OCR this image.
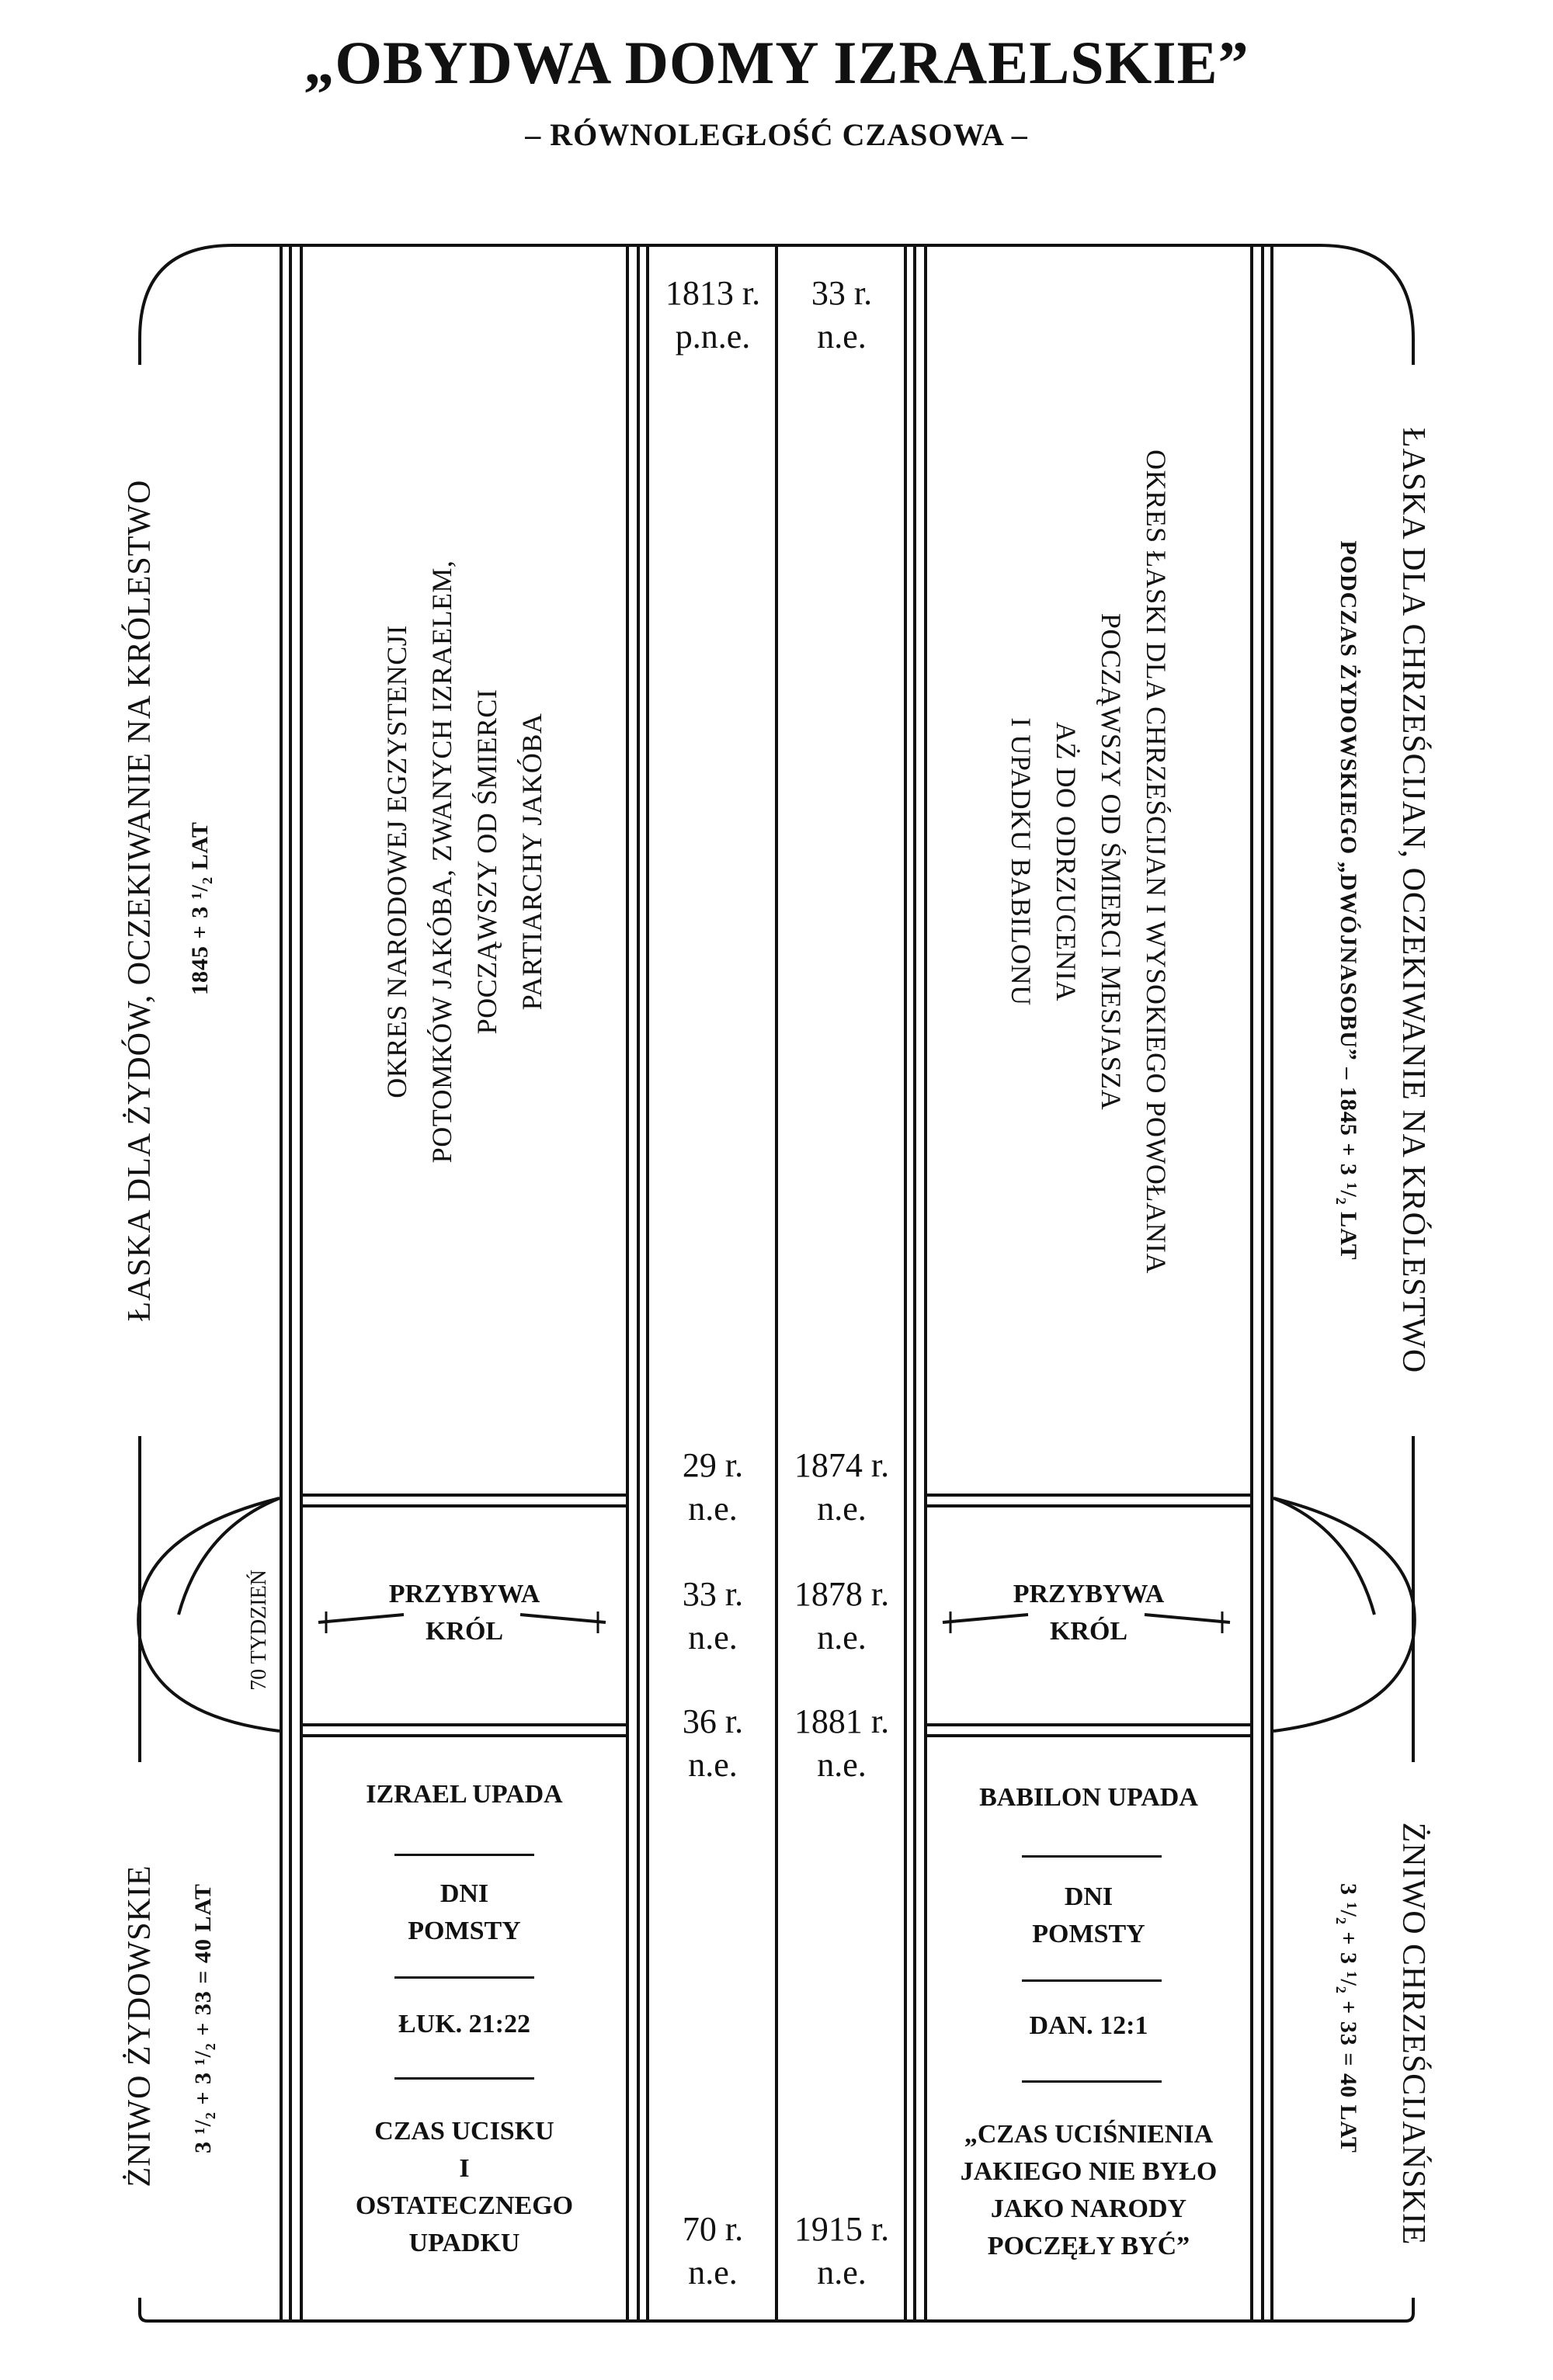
„OBYDWA DOMY IZRAELSKIE”
– RÓWNOLEGŁOŚĆ CZASOWA –
ŁASKA DLA ŻYDÓW, OCZEKIWANIE NA KRÓLESTWO 1845 + 3 ¹/₂ LAT
ŻNIWO ŻYDOWSKIE 3 ¹/₂ + 3 ¹/₂ + 33 = 40 LAT
70 TYDZIEŃ
ŁASKA DLA CHRZEŚCIJAN, OCZEKIWANIE NA KRÓLESTWO
PODCZAS ŻYDOWSKIEGO „DWÓJNASOBU” – 1845 + 3 ¹/₂ LAT
ŻNIWO CHRZEŚCIJAŃSKIE
3 ¹/₂ + 3 ¹/₂ + 33 = 40 LAT
OKRES NARODOWEJ EGZYSTENCJI POTOMKÓW JAKÓBA, ZWANYCH IZRAELEM, POCZĄWSZY OD ŚMIERCI PARTIARCHY JAKÓBA	OKRES ŁASKI DLA CHRZEŚCIJAN I WYSOKIEGO POWOŁANIA
POCZĄWSZY OD ŚMIERCI MESJASZA
AŻ DO ODRZUCENIA
I UPADKU BABILONU
PRZYBYWA
KRÓL
PRZYBYWA
KRÓL
IZRAEL UPADA
DNI
POMSTY
ŁUK. 21:22
CZAS UCISKU
I
OSTATECZNEGO
UPADKU
BABILON UPADA
DNI
POMSTY
DAN. 12:1
„CZAS UCIŚNIENIA
JAKIEGO NIE BYŁO
JAKO NARODY
POCZĘŁY BYĆ”
1813 r.
p.n.e.
29 r.
n.e.
33 r.
n.e.
36 r.
n.e.
70 r.
n.e.
33 r.
n.e.
1874 r.
n.e.
1878 r.
n.e.
1881 r.
n.e.
1915 r.
n.e.
